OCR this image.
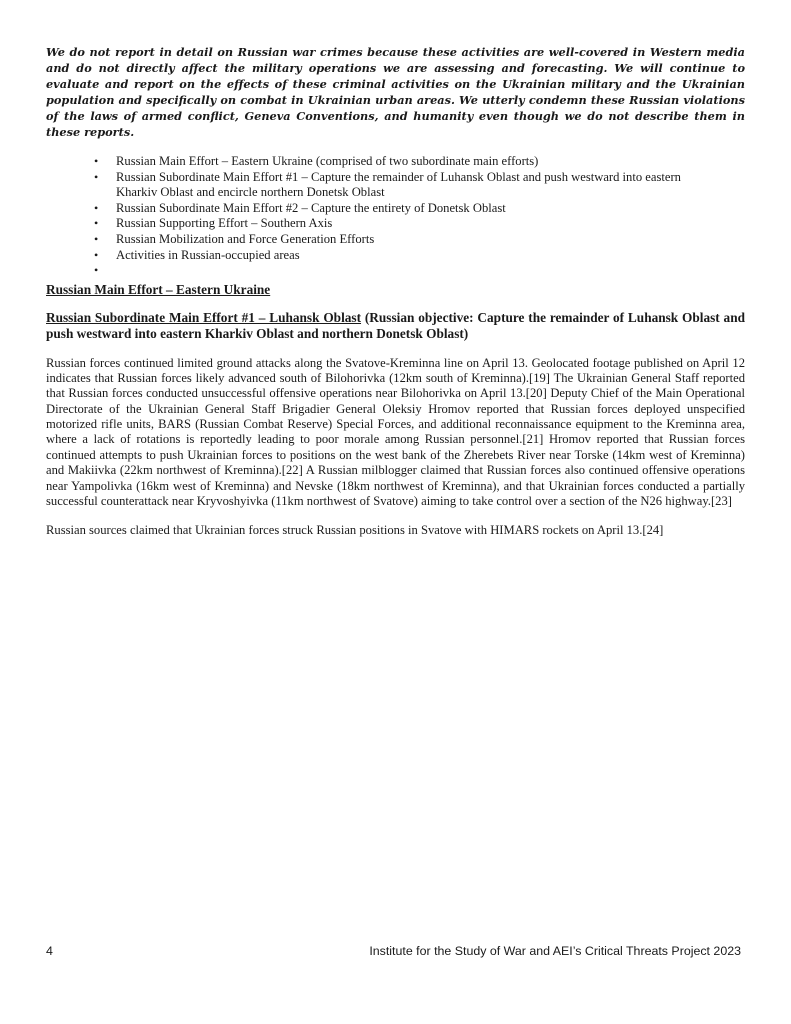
We do not report in detail on Russian war crimes because these activities are well-covered in Western media and do not directly affect the military operations we are assessing and forecasting. We will continue to evaluate and report on the effects of these criminal activities on the Ukrainian military and the Ukrainian population and specifically on combat in Ukrainian urban areas. We utterly condemn these Russian violations of the laws of armed conflict, Geneva Conventions, and humanity even though we do not describe them in these reports.

• Russian Main Effort – Eastern Ukraine (comprised of two subordinate main efforts)
• Russian Subordinate Main Effort #1 – Capture the remainder of Luhansk Oblast and push westward into eastern Kharkiv Oblast and encircle northern Donetsk Oblast
• Russian Subordinate Main Effort #2 – Capture the entirety of Donetsk Oblast
• Russian Supporting Effort – Southern Axis
• Russian Mobilization and Force Generation Efforts
• Activities in Russian-occupied areas
•

Russian Main Effort – Eastern Ukraine

Russian Subordinate Main Effort #1 – Luhansk Oblast (Russian objective: Capture the remainder of Luhansk Oblast and push westward into eastern Kharkiv Oblast and northern Donetsk Oblast)

Russian forces continued limited ground attacks along the Svatove-Kreminna line on April 13. Geolocated footage published on April 12 indicates that Russian forces likely advanced south of Bilohorivka (12km south of Kreminna).[19] The Ukrainian General Staff reported that Russian forces conducted unsuccessful offensive operations near Bilohorivka on April 13.[20] Deputy Chief of the Main Operational Directorate of the Ukrainian General Staff Brigadier General Oleksiy Hromov reported that Russian forces deployed unspecified motorized rifle units, BARS (Russian Combat Reserve) Special Forces, and additional reconnaissance equipment to the Kreminna area, where a lack of rotations is reportedly leading to poor morale among Russian personnel.[21] Hromov reported that Russian forces continued attempts to push Ukrainian forces to positions on the west bank of the Zherebets River near Torske (14km west of Kreminna) and Makiivka (22km northwest of Kreminna).[22] A Russian milblogger claimed that Russian forces also continued offensive operations near Yampolivka (16km west of Kreminna) and Nevske (18km northwest of Kreminna), and that Ukrainian forces conducted a partially successful counterattack near Kryvoshyivka (11km northwest of Svatove) aiming to take control over a section of the N26 highway.[23]

Russian sources claimed that Ukrainian forces struck Russian positions in Svatove with HIMARS rockets on April 13.[24]

4	Institute for the Study of War and AEI’s Critical Threats Project 2023
